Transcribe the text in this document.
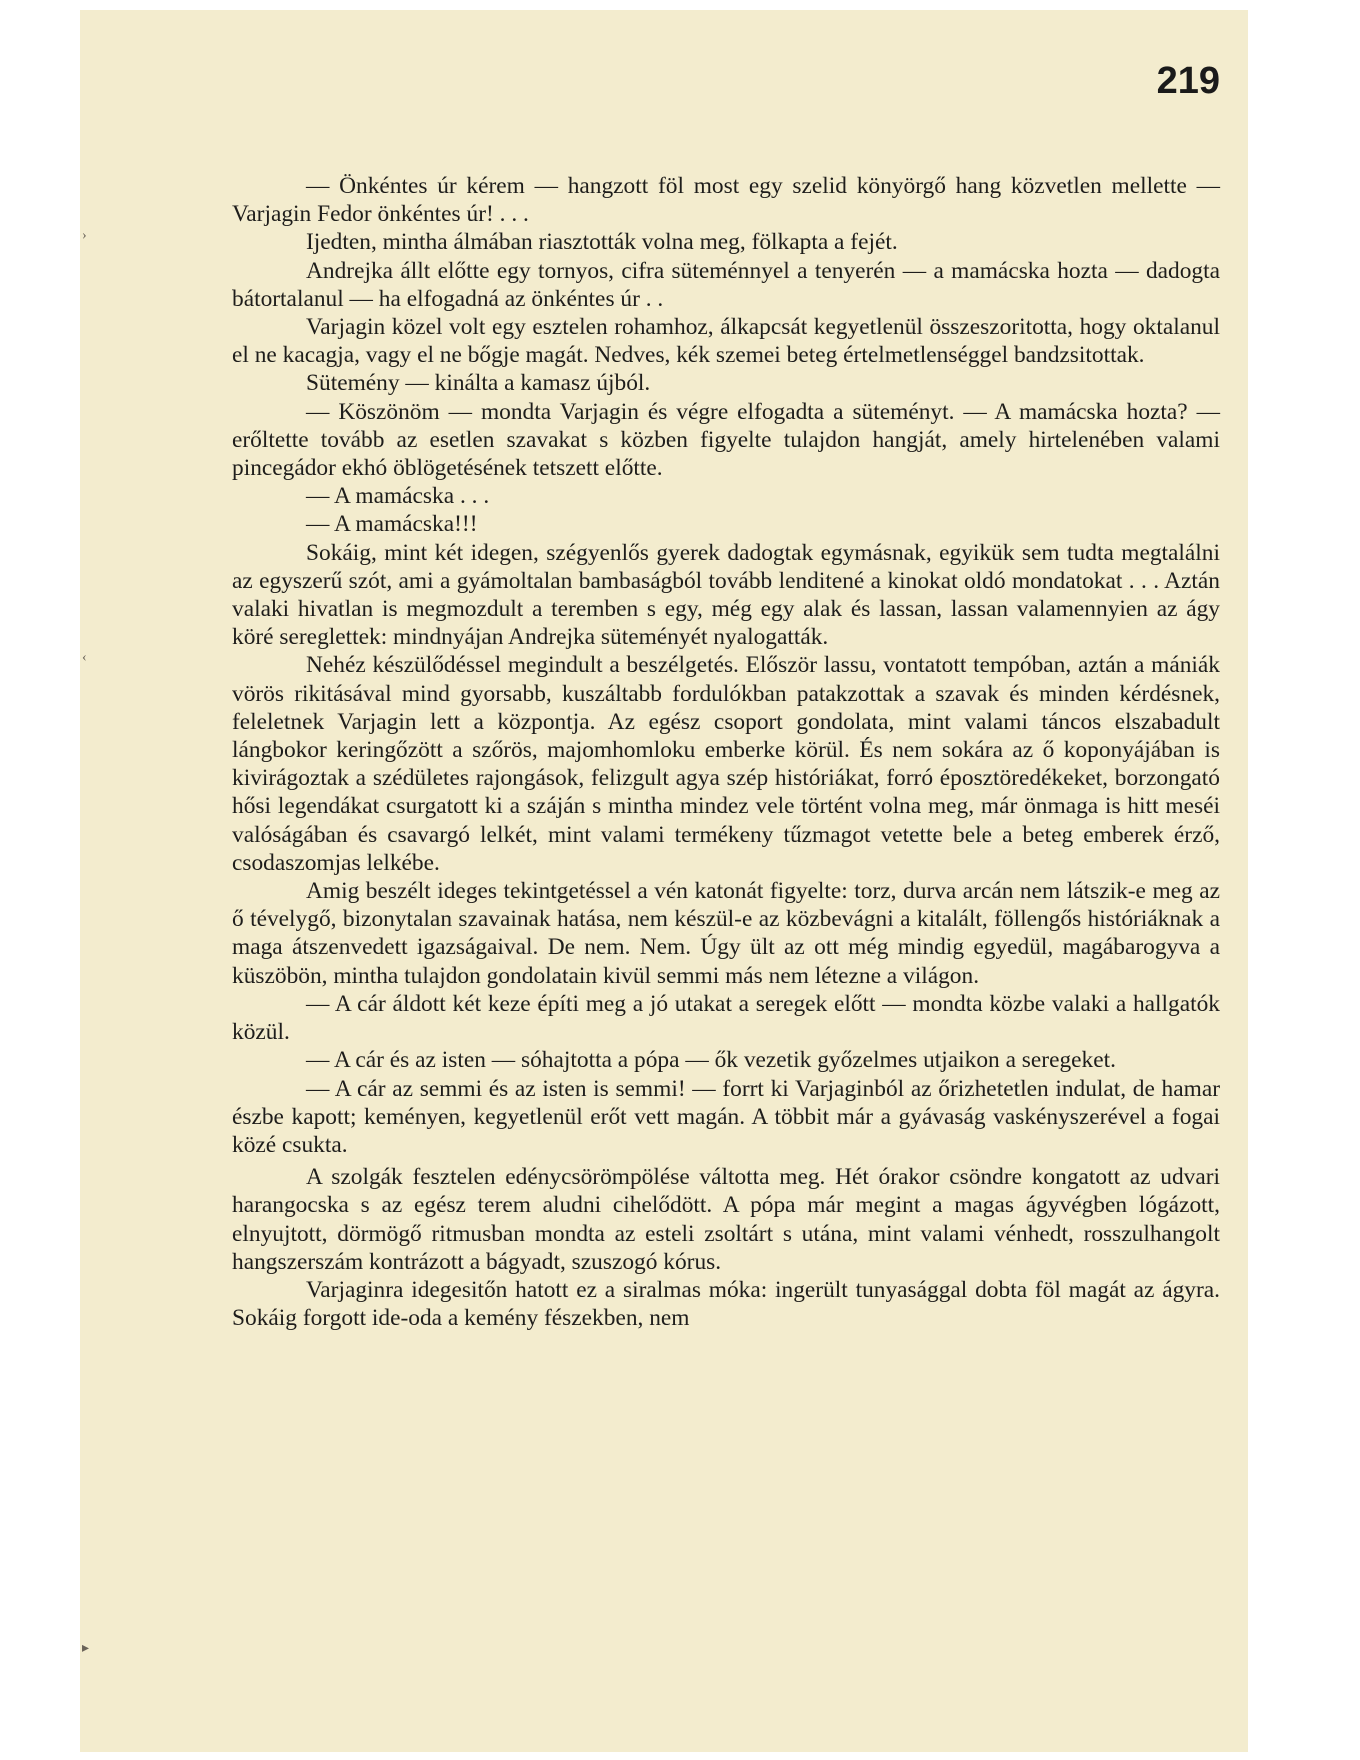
219
›
‹
▸

— Önkéntes úr kérem — hangzott föl most egy szelid könyörgő hang közvetlen mellette — Varjagin Fedor önkéntes úr! . . .

Ijedten, mintha álmában riasztották volna meg, fölkapta a fejét.

Andrejka állt előtte egy tornyos, cifra süteménnyel a tenyerén — a mamácska hozta — dadogta bátortalanul — ha elfogadná az önkéntes úr . .

Varjagin közel volt egy esztelen rohamhoz, álkapcsát kegyetlenül összeszoritotta, hogy oktalanul el ne kacagja, vagy el ne bőgje magát. Nedves, kék szemei beteg értelmetlenséggel bandzsitottak.

Sütemény — kinálta a kamasz újból.

— Köszönöm — mondta Varjagin és végre elfogadta a süteményt. — A mamácska hozta? — erőltette tovább az esetlen szavakat s közben figyelte tulajdon hangját, amely hirtelenében valami pincegádor ekhó öblögetésének tetszett előtte.

— A mamácska . . .

— A mamácska!!!

Sokáig, mint két idegen, szégyenlős gyerek dadogtak egymásnak, egyikük sem tudta megtalálni az egyszerű szót, ami a gyámoltalan bambaságból tovább lenditené a kinokat oldó mondatokat . . . Aztán valaki hivatlan is megmozdult a teremben s egy, még egy alak és lassan, lassan valamennyien az ágy köré sereglettek: mindnyájan Andrejka süteményét nyalogatták.

Nehéz készülődéssel megindult a beszélgetés. Először lassu, vontatott tempóban, aztán a mániák vörös rikitásával mind gyorsabb, kuszáltabb fordulókban patakzottak a szavak és minden kérdésnek, feleletnek Varjagin lett a központja. Az egész csoport gondolata, mint valami táncos elszabadult lángbokor keringőzött a szőrös, majomhomloku emberke körül. És nem sokára az ő koponyájában is kivirágoztak a szédületes rajongások, felizgult agya szép históriákat, forró éposztöredékeket, borzongató hősi legendákat csurgatott ki a száján s mintha mindez vele történt volna meg, már önmaga is hitt meséi valóságában és csavargó lelkét, mint valami termékeny tűzmagot vetette bele a beteg emberek érző, csodaszomjas lelkébe.

Amig beszélt ideges tekintgetéssel a vén katonát figyelte: torz, durva arcán nem látszik-e meg az ő tévelygő, bizonytalan szavainak hatása, nem készül-e az közbevágni a kitalált, föllengős históriáknak a maga átszenvedett igazságaival. De nem. Nem. Úgy ült az ott még mindig egyedül, magábarogyva a küszöbön, mintha tulajdon gondolatain kivül semmi más nem létezne a világon.

— A cár áldott két keze építi meg a jó utakat a seregek előtt — mondta közbe valaki a hallgatók közül.

— A cár és az isten — sóhajtotta a pópa — ők vezetik győzelmes utjaikon a seregeket.

— A cár az semmi és az isten is semmi! — forrt ki Varjaginból az őrizhetetlen indulat, de hamar észbe kapott; keményen, kegyetlenül erőt vett magán. A többit már a gyávaság vaskényszerével a fogai közé csukta.

A szolgák fesztelen edénycsörömpölése váltotta meg. Hét órakor csöndre kongatott az udvari harangocska s az egész terem aludni cihelődött. A pópa már megint a magas ágyvégben lógázott, elnyujtott, dörmögő ritmusban mondta az esteli zsoltárt s utána, mint valami vénhedt, rosszulhangolt hangszerszám kontrázott a bágyadt, szuszogó kórus.

Varjaginra idegesitőn hatott ez a siralmas móka: ingerült tunyasággal dobta föl magát az ágyra. Sokáig forgott ide-oda a kemény fészekben, nem
